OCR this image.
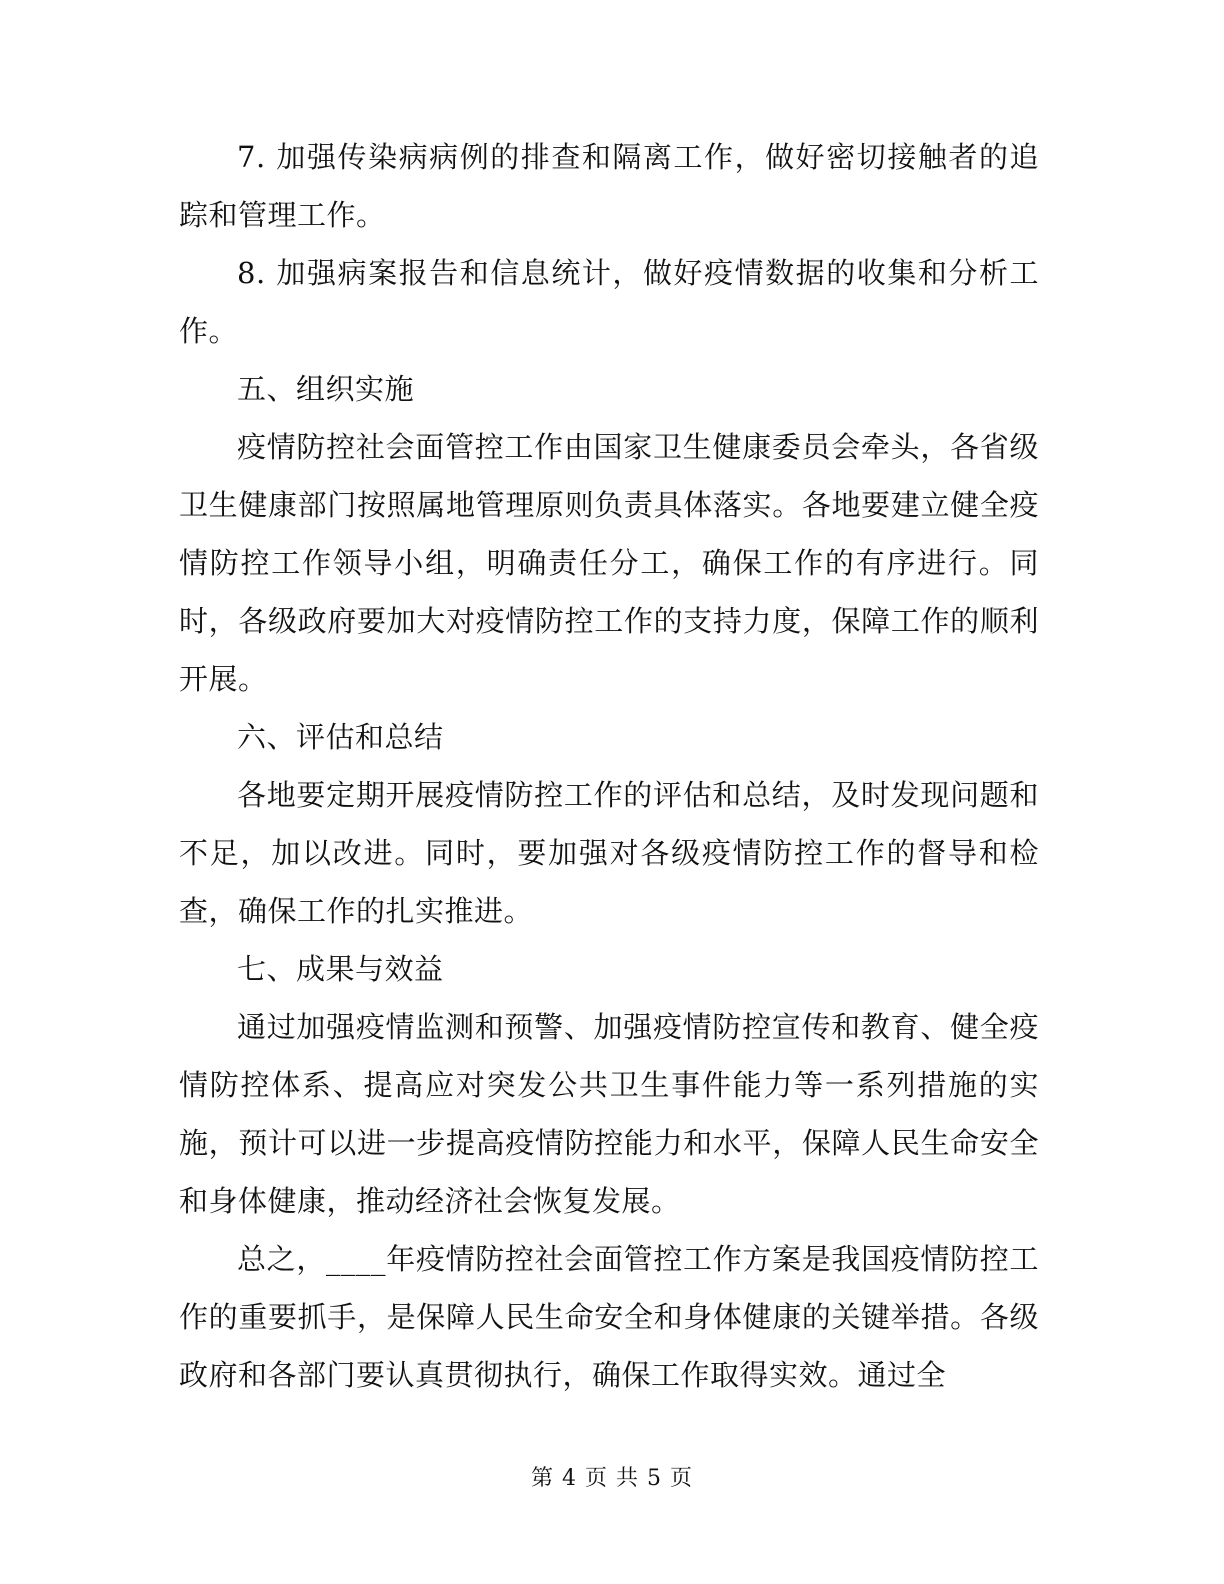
7. 加强传染病病例的排查和隔离工作，做好密切接触者的追踪和管理工作。

8. 加强病案报告和信息统计，做好疫情数据的收集和分析工作。

五、组织实施

疫情防控社会面管控工作由国家卫生健康委员会牵头，各省级卫生健康部门按照属地管理原则负责具体落实。各地要建立健全疫情防控工作领导小组，明确责任分工，确保工作的有序进行。同时，各级政府要加大对疫情防控工作的支持力度，保障工作的顺利开展。

六、评估和总结

各地要定期开展疫情防控工作的评估和总结，及时发现问题和不足，加以改进。同时，要加强对各级疫情防控工作的督导和检查，确保工作的扎实推进。

七、成果与效益

通过加强疫情监测和预警、加强疫情防控宣传和教育、健全疫情防控体系、提高应对突发公共卫生事件能力等一系列措施的实施，预计可以进一步提高疫情防控能力和水平，保障人民生命安全和身体健康，推动经济社会恢复发展。

总之，____年疫情防控社会面管控工作方案是我国疫情防控工作的重要抓手，是保障人民生命安全和身体健康的关键举措。各级政府和各部门要认真贯彻执行，确保工作取得实效。通过全

第 4 页 共 5 页
